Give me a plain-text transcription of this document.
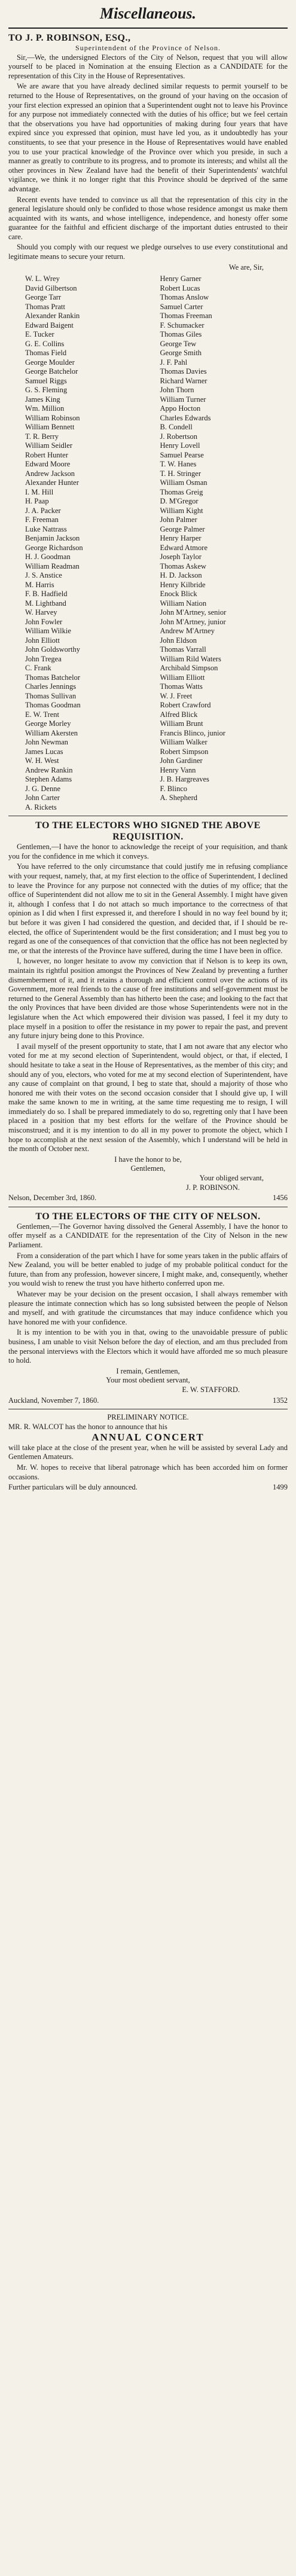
Miscellaneous.
TO J. P. ROBINSON, ESQ.,
Superintendent of the Province of Nelson.

Sir,—We, the undersigned Electors of the City of Nelson, request that you will allow yourself to be placed in Nomination at the ensuing Election as a CANDIDATE for the representation of this City in the House of Representatives.

We are aware that you have already declined similar requests to permit yourself to be returned to the House of Representatives, on the ground of your having on the occasion of your first election expressed an opinion that a Superintendent ought not to leave his Province for any purpose not immediately connected with the duties of his office; but we feel certain that the observations you have had opportunities of making during four years that have expired since you expressed that opinion, must have led you, as it undoubtedly has your constituents, to see that your presence in the House of Representatives would have enabled you to use your practical knowledge of the Province over which you preside, in such a manner as greatly to contribute to its progress, and to promote its interests; and whilst all the other provinces in New Zealand have had the benefit of their Superintendents' watchful vigilance, we think it no longer right that this Province should be deprived of the same advantage.

Recent events have tended to convince us all that the representation of this city in the general legislature should only be confided to those whose residence amongst us make them acquainted with its wants, and whose intelligence, independence, and honesty offer some guarantee for the faithful and efficient discharge of the important duties entrusted to their care.

Should you comply with our request we pledge ourselves to use every constitutional and legitimate means to secure your return.

We are, Sir,
W. L. Wrey	Henry Garner
David Gilbertson	Robert Lucas
George Tarr	Thomas Anslow
Thomas Pratt	Samuel Carter
Alexander Rankin	Thomas Freeman
Edward Baigent	F. Schumacker
E. Tucker	Thomas Giles
G. E. Collins	George Tew
Thomas Field	George Smith
George Moulder	J. F. Pahl
George Batchelor	Thomas Davies
Samuel Riggs	Richard Warner
G. S. Fleming	John Thorn
James King	William Turner
Wm. Million	Appo Hocton
William Robinson	Charles Edwards
William Bennett	B. Condell
T. R. Berry	J. Robertson
William Seidler	Henry Lovell
Robert Hunter	Samuel Pearse
Edward Moore	T. W. Hanes
Andrew Jackson	T. H. Stringer
Alexander Hunter	William Osman
I. M. Hill	Thomas Greig
H. Paap	D. M'Gregor
J. A. Packer	William Kight
F. Freeman	John Palmer
Luke Nattrass	George Palmer
Benjamin Jackson	Henry Harper
George Richardson	Edward Atmore
H. J. Goodman	Joseph Taylor
William Readman	Thomas Askew
J. S. Anstice	H. D. Jackson
M. Harris	Henry Kilbride
F. B. Hadfield	Enock Blick
M. Lightband	William Nation
W. Harvey	John M'Artney, senior
John Fowler	John M'Artney, junior
William Wilkie	Andrew M'Artney
John Elliott	John Eldson
John Goldsworthy	Thomas Varrall
John Tregea	William Rild Waters
C. Frank	Archibald Simpson
Thomas Batchelor	William Elliott
Charles Jennings	Thomas Watts
Thomas Sullivan	W. J. Freet
Thomas Goodman	Robert Crawford
E. W. Trent	Alfred Blick
George Morley	William Brunt
William Akersten	Francis Blinco, junior
John Newman	William Walker
James Lucas	Robert Simpson
W. H. West	John Gardiner
Andrew Rankin	Henry Vann
Stephen Adams	J. B. Hargreaves
J. G. Denne	F. Blinco
John Carter	A. Shepherd
A. Rickets
TO THE ELECTORS WHO SIGNED THE ABOVE REQUISITION.

Gentlemen,—I have the honor to acknowledge the receipt of your requisition, and thank you for the confidence in me which it conveys.

You have referred to the only circumstance that could justify me in refusing compliance with your request, namely, that, at my first election to the office of Superintendent, I declined to leave the Province for any purpose not connected with the duties of my office; that the office of Superintendent did not allow me to sit in the General Assembly. I might have given it, although I confess that I do not attach so much importance to the correctness of that opinion as I did when I first expressed it, and therefore I should in no way feel bound by it; but before it was given I had considered the question, and decided that, if I should be re-elected, the office of Superintendent would be the first consideration; and I must beg you to regard as one of the consequences of that conviction that the office has not been neglected by me, or that the interests of the Province have suffered, during the time I have been in office.

I, however, no longer hesitate to avow my conviction that if Nelson is to keep its own, maintain its rightful position amongst the Provinces of New Zealand by preventing a further dismemberment of it, and it retains a thorough and efficient control over the actions of its Government, more real friends to the cause of free institutions and self-government must be returned to the General Assembly than has hitherto been the case; and looking to the fact that the only Provinces that have been divided are those whose Superintendents were not in the legislature when the Act which empowered their division was passed, I feel it my duty to place myself in a position to offer the resistance in my power to repair the past, and prevent any future injury being done to this Province.

I avail myself of the present opportunity to state, that I am not aware that any elector who voted for me at my second election of Superintendent, would object, or that, if elected, I should hesitate to take a seat in the House of Representatives, as the member of this city; and should any of you, electors, who voted for me at my second election of Superintendent, have any cause of complaint on that ground, I beg to state that, should a majority of those who honored me with their votes on the second occasion consider that I should give up, I will make the same known to me in writing, at the same time requesting me to resign, I will immediately do so. I shall be prepared immediately to do so, regretting only that I have been placed in a position that my best efforts for the welfare of the Province should be misconstrued; and it is my intention to do all in my power to promote the object, which I hope to accomplish at the next session of the Assembly, which I understand will be held in the month of October next.

I have the honor to be,
Gentlemen,
Your obliged servant,
J. P. ROBINSON.
Nelson, December 3rd, 1860.	1456
TO THE ELECTORS OF THE CITY OF NELSON.

Gentlemen,—The Governor having dissolved the General Assembly, I have the honor to offer myself as a CANDIDATE for the representation of the City of Nelson in the new Parliament.

From a consideration of the part which I have for some years taken in the public affairs of New Zealand, you will be better enabled to judge of my probable political conduct for the future, than from any profession, however sincere, I might make, and, consequently, whether you would wish to renew the trust you have hitherto conferred upon me.

Whatever may be your decision on the present occasion, I shall always remember with pleasure the intimate connection which has so long subsisted between the people of Nelson and myself, and with gratitude the circumstances that may induce confidence which you have honored me with your confidence.

It is my intention to be with you in that, owing to the unavoidable pressure of public business, I am unable to visit Nelson before the day of election, and am thus precluded from the personal interviews with the Electors which it would have afforded me so much pleasure to hold.

I remain, Gentlemen,
Your most obedient servant,
E. W. STAFFORD.
Auckland, November 7, 1860.	1352
PRELIMINARY NOTICE.

MR. R. WALCOT has the honor to announce that his

ANNUAL CONCERT

will take place at the close of the present year, when he will be assisted by several Lady and Gentlemen Amateurs.

Mr. W. hopes to receive that liberal patronage which has been accorded him on former occasions.

Further particulars will be duly announced.	1499
